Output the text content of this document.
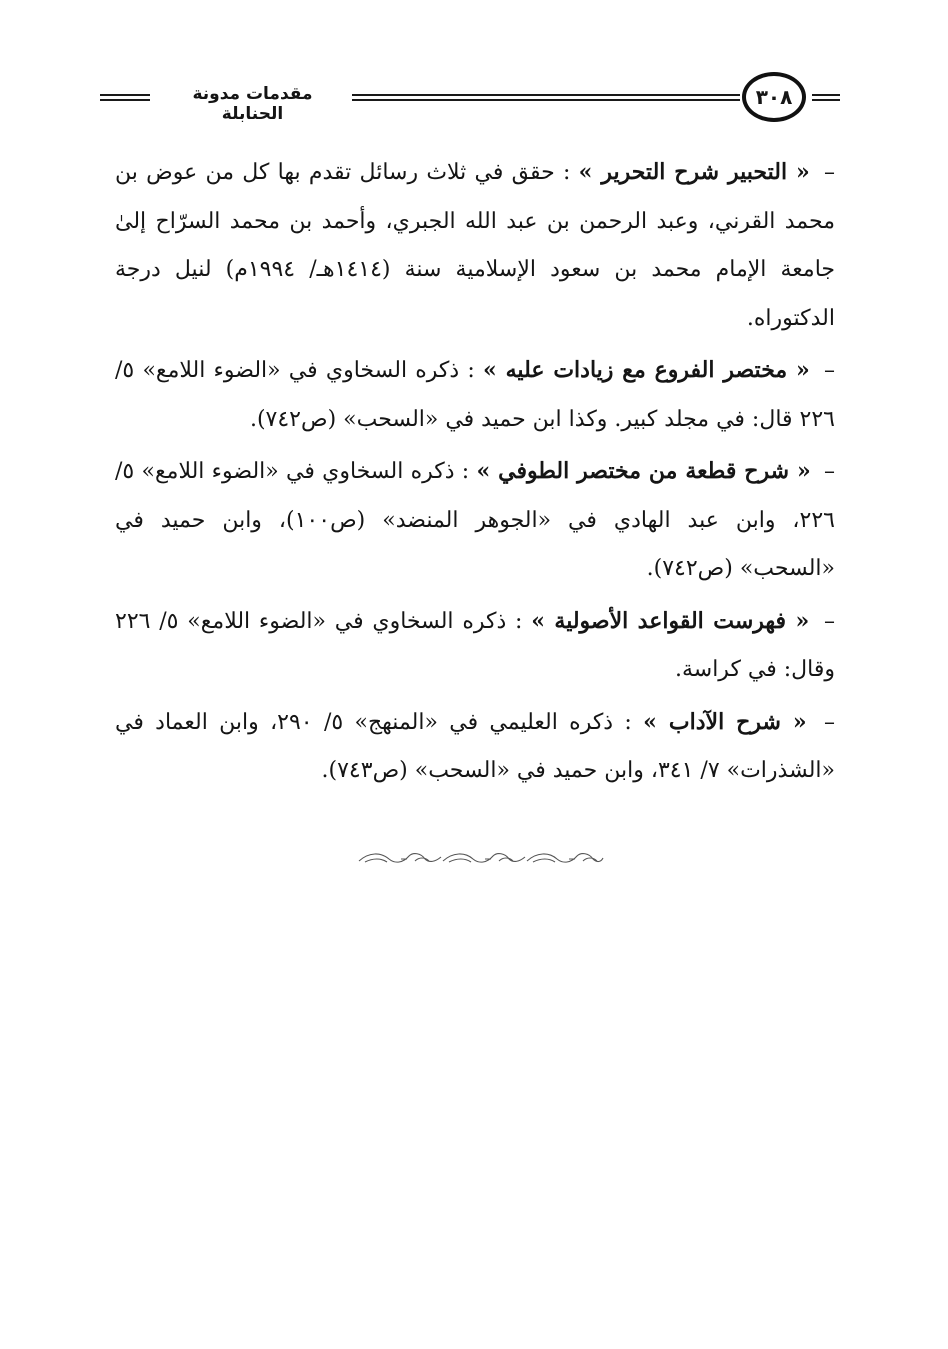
مقدمات مدونة الحنابلة
٣٠٨

– « التحبير شرح التحرير » : حقق في ثلاث رسائل تقدم بها كل من عوض بن محمد القرني، وعبد الرحمن بن عبد الله الجبري، وأحمد بن محمد السرّاح إلىٰ جامعة الإمام محمد بن سعود الإسلامية سنة (١٤١٤هـ/ ١٩٩٤م) لنيل درجة الدكتوراه.

– « مختصر الفروع مع زيادات عليه » : ذكره السخاوي في «الضوء اللامع» ٥/ ٢٢٦ قال: في مجلد كبير. وكذا ابن حميد في «السحب» (ص٧٤٢).

– « شرح قطعة من مختصر الطوفي » : ذكره السخاوي في «الضوء اللامع» ٥/ ٢٢٦، وابن عبد الهادي في «الجوهر المنضد» (ص١٠٠)، وابن حميد في «السحب» (ص٧٤٢).

– « فهرست القواعد الأصولية » : ذكره السخاوي في «الضوء اللامع» ٥/ ٢٢٦ وقال: في كراسة.

– « شرح الآداب » : ذكره العليمي في «المنهج» ٥/ ٢٩٠، وابن العماد في «الشذرات» ٧/ ٣٤١، وابن حميد في «السحب» (ص٧٤٣).
